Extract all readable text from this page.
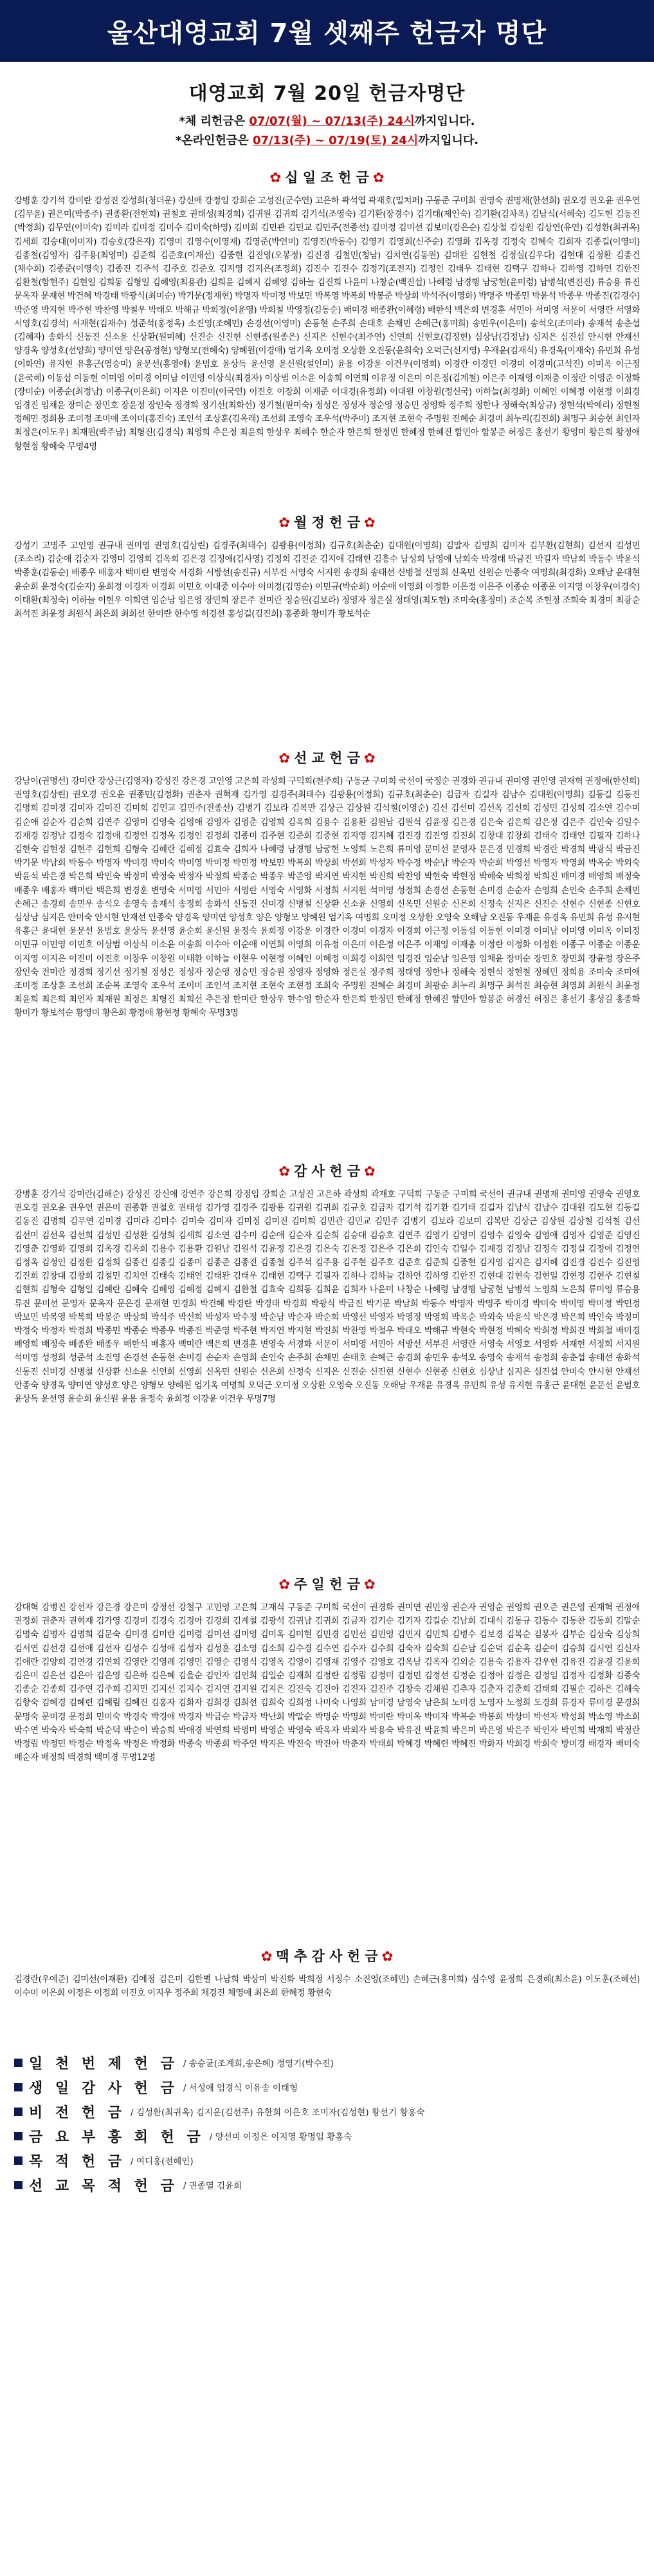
울산대영교회 7월 셋째주 헌금자 명단
대영교회 7월 20일 헌금자명단
*체 리헌금은 07/07(월) ~ 07/13(주) 24시까지입니다.
*온라인헌금은 07/13(주) ~ 07/19(토) 24시까지입니다.
✿ 십 일 조 헌 금 ✿
강병훈 강기석 강미란 강성진 강성희(청더운) 강신애 강정임 강희순 고성진(군수연) 고은하 곽석엽 곽재호(밀치퍼) 구동준 구미희 권영숙 권명재(한선희) 권오경 권오윤 권우연(김무윤) 권은미(박종주) 권종환(전현희) 권철호 권태성(최경희) 김귀원 김귀희 김기석(조영숙) 김기환(장경수) 김기태(제인숙) 김기환(김차옥) 김남식(서혜숙) 김도현 김동진(박정희) 김무연(이미숙) 김미라 김미정 김미수 김미숙(하영) 김미희 김민관 김민교 김민주(전종선) 김미정 김미선 김보미(강은순) 김상철 김상원 김상연(유연) 김성환(최귀옥) 김세희 김승대(이미자) 김승호(강은자) 김영미 김영수(이영재) 김영준(박연미) 김영진(박동수) 김영기 김영희(신주순) 김영화 김옥경 김정숙 김혜숙 김희자 김종길(이영미) 김종철(김영자) 김주용(최영미) 김준희 김준호(이재선) 김중현 김진영(오봉정) 김진경 김철민(청남) 김치연(김동원) 김태완 김현철 김정실(김우다) 김현대 김정환 김종건(채수희) 김종준(이영숙) 김종진 김주석 김주호 김준호 김지영 김지은(조정희) 김진수 김진수 김정기(조전지) 김정인 김태우 김태현 김택구 김하나 김하영 김하연 김한진 김환철(함현주) 김현일 김희동 김형일 김혜영(최용관) 김희윤 김혜지 김혜영 김하늘 김진희 나윤미 나창순(백진섭) 나혜령 남경행 남궁현(윤미령) 남병석(변진진) 류승용 류진 문옥자 문재현 박건혜 박경태 박광식(최미순) 박기문(정재현) 박명자 박미정 박보민 박복영 박복희 박봉준 박상희 박석주(이영화) 박명주 박종민 박윤석 박종우 박종진(김경수) 박준영 박지현 박주현 박찬영 박철우 박태오 박해규 박희정(이윤영) 박희철 박영정(김동순) 배미경 배종완(이혜령) 배한석 백은희 변경훈 서민아 서미영 서문이 서영란 서영화 서영호(김경석) 서재현(김재수) 성준석(홍정옥) 소진영(조혜민) 손경선(이영미) 손동현 손주희 손태호 손채민 손혜근(홍미희) 송민우(이은미) 송석오(조미라) 송재석 송춘섭(김혜자) 송화석 신동진 신소윤 신상환(원미혜) 신진순 신진현 신현종(원종은) 신지은 신현수(최주연) 신연희 신현호(김정현) 심상남(김정남) 심지은 심진섭 안시현 안재선 양경옥 양성호(선양희) 양미연 양은(공정현) 양형모(전혜숙) 양혜원(이경애) 엄기옥 오미정 오상환 오진동(윤희숙) 오덕근(신지영) 우재윤(김재식) 유경옥(이재숙) 유민희 유성(이화연) 유지현 유홍근(염승미) 윤문선(홍영애) 윤범호 윤상득 윤선영 윤신원(설인미) 윤용 이강윤 이건우(이영희) 이경란 이경민 이경미 이경미(고석진) 이미옥 이근정 (윤국혜) 이동섭 이동현 이미영 이미경 이미남 이민영 이상식(최경자) 이상범 이소윤 이송희 이연희 이유정 이은미 이은정(김계철) 이은주 이재영 이재충 이정란 이영준 이정화(장미순) 이종순(최정남) 이종구(이은희) 이지은 이진미(이국연) 이진호 이장희 이재준 이대경(유정희) 이대원 이창원(정신국) 이하늘(최경화) 이혜인 이혜정 이현정 이희경 임경진 임채윤 장미순 장민호 장윤정 장인숙 정경희 정기선(최화선) 정기철(원미숙) 정성은 정성자 정순영 정승민 정영화 정주희 정한나 정해숙(최상규) 정현석(박예리) 정현철 정혜민 정희용 조미정 조미애 조이미(홍진숙) 조인석 조상훈(김옥래) 조선희 조영숙 조우석(박주미) 조지현 조현숙 주명원 진혜순 최경미 최누리(김진희) 최명구 최승현 최인자 최정은(이도우) 최재원(박주남) 최형진(김경식) 최영희 추은정 최윤희 한상우 최혜수 한순자 한은희 한정민 한혜정 한혜진 함민아 함봉준 허정은 홍선기 황영미 황은희 황정애 황현정 황혜숙 무명4명
✿ 월 정 헌 금 ✿
강성기 고명주 고인영 권규내 권미영 권영호(김상린) 김경주(최태수) 김광용(이정희) 김규호(최춘순) 김대원(이명희) 김말자 김명희 김미자 김부환(김현희) 김선지 김성민(조소리) 김순애 김순자 김영미 김영희 김옥희 김은경 김정애(김사영) 김정희 김진준 김지애 김태현 김흥수 남성희 남영애 남희숙 박경태 박금진 박길자 박남희 박동수 박윤석 박종훈(김동순) 배종우 배홍자 백미란 변영숙 서경화 서방선(송진규) 서부진 서영숙 서지원 송경희 송태선 신병철 신영희 신옥민 신원순 안종숙 여명희(최경화) 오해남 윤대현 윤순희 윤정숙(김순자) 윤희정 이경자 이경희 이민호 이대중 이수아 이미정(김영순) 이민규(박순희) 이순애 이영희 이정환 이은정 이은주 이종순 이종운 이지영 이창우(이경숙) 이태환(최정숙) 이하늘 이현우 이희연 임순남 임은영 장민희 장은주 전미란 정승원(김보라) 정영자 정은실 정태영(최도현) 조미숙(홍정미) 조순복 조현정 조희숙 최경미 최광순 최석진 최윤정 최원식 최은희 최희선 한미란 한수영 허경선 홍성길(김진희) 홍종화 황미가 황보석순
✿ 선 교 헌 금 ✿
강남이(권명선) 강미란 강상근(김영자) 강성진 강은경 고인영 고은희 곽성희 구덕희(천주희) 구동균 구미희 국선이 국정순 권경화 권규내 권미영 권인영 권재혁 권정애(한선희) 권영호(김상린) 권오경 권오윤 권종민(김정화) 권춘자 권혁재 김가영 김경주(최태수) 김광용(이정희) 김규호(최춘순) 김금자 김길자 김남수 김대원(이명희) 김동길 김동진 김명희 김미경 김미자 김미진 김미희 김민교 김민주(전종선) 김병기 김보라 김복만 김상근 김상원 김석철(이영순) 김선 김선미 김선옥 김선희 김성민 김성희 김소연 김수미 김순애 김순자 김순희 김연주 김영미 김영숙 김영애 김영자 김영춘 김영희 김옥희 김용수 김용환 김원남 김원석 김윤정 김은경 김은숙 김은희 김은정 김은주 김인숙 김일수 김재경 김정남 김정숙 김정애 김정연 김정옥 김정인 김정희 김종미 김주현 김준희 김중현 김지영 김지혜 김진경 김진영 김진희 김창대 김창희 김태숙 김태연 김필자 김하나 김현숙 김현정 김현주 김현희 김형숙 김혜란 김혜정 김효숙 김희자 나혜령 남경행 남궁현 노영희 노은희 류미영 문미선 문영자 문은경 민경희 박경란 박경희 박광식 박금진 박기문 박남희 박동수 박명자 박미경 박미숙 박미영 박미정 박민정 박보민 박복희 박상희 박선희 박성자 박수정 박순남 박순자 박순희 박영선 박영자 박영희 박옥순 박외숙 박윤석 박은경 박은희 박인숙 박정미 박정숙 박정자 박정희 박종순 박종우 박준영 박지연 박지현 박진희 박찬영 박현숙 박현정 박혜숙 박희정 박희진 배미경 배영희 배정숙 배종우 배홍자 백미란 백은희 변경훈 변영숙 서미영 서민아 서영란 서영숙 서영화 서정희 서지원 석미영 성정희 손경선 손동현 손미경 손순자 손영희 손인숙 손주희 손채민 손혜근 송경희 송민우 송석오 송영숙 송재석 송정희 송화석 신동진 신미경 신병철 신상환 신소윤 신영희 신옥민 신원순 신은희 신정숙 신지은 신진순 신현수 신현종 신현호 심상남 심지은 안미숙 안시현 안재선 안종숙 양경옥 양미연 양성호 양은 양형모 양혜원 엄기옥 여명희 오미정 오상환 오영숙 오해남 오진동 우재윤 유경옥 유민희 유성 유지현 유홍근 윤대현 윤문선 윤범호 윤상득 윤선영 윤순희 윤신원 윤정숙 윤희정 이강윤 이경란 이경미 이경자 이경희 이근정 이동섭 이동현 이미경 이미남 이미영 이미옥 이미정 이민규 이민영 이민호 이상범 이상식 이소윤 이송희 이수아 이순애 이연희 이영희 이유정 이은미 이은정 이은주 이재영 이재충 이정란 이정화 이정환 이종구 이종순 이종운 이지영 이지은 이진미 이진호 이창우 이창원 이태환 이하늘 이현우 이현정 이혜인 이혜정 이희경 이희연 임경진 임순남 임은영 임채윤 장미순 장민호 장민희 장윤정 장은주 장인숙 전미란 정경희 정기선 정기철 정성은 정성자 정순영 정승민 정승원 정영자 정영화 정은실 정주희 정태영 정한나 정해숙 정현석 정현철 정혜민 정희용 조미숙 조미애 조미정 조상훈 조선희 조순복 조영숙 조우석 조이미 조인석 조지현 조현숙 조현정 조희숙 주명원 진혜순 최경미 최광순 최누리 최명구 최석진 최승현 최영희 최원식 최윤정 최윤희 최은희 최인자 최재원 최정은 최형진 최희선 추은정 한미란 한상우 한수영 한순자 한은희 한정민 한혜정 한혜진 함민아 함봉준 허경선 허정은 홍선기 홍성길 홍종화 황미가 황보석순 황영미 황은희 황정애 황현정 황혜숙 무명3명
✿ 감 사 헌 금 ✿
강병훈 강기석 강미란(김해순) 강성진 강신애 강연주 강은희 강정임 강희순 고성진 고은하 곽성희 곽재호 구덕희 구동준 구미희 국선이 권규내 권명재 권미영 권영숙 권영호 권오경 권오윤 권우연 권은미 권종환 권철호 권태성 김가영 김경주 김광용 김귀원 김귀희 김규호 김금자 김기석 김기환 김기태 김길자 김남식 김남수 김대원 김도현 김동길 김동진 김명희 김무연 김미경 김미라 김미수 김미숙 김미자 김미정 김미진 김미희 김민관 김민교 김민주 김병기 김보라 김보미 김복만 김상근 김상원 김상철 김석철 김선 김선미 김선옥 김선희 김성민 김성환 김성희 김세희 김소연 김수미 김순애 김순자 김순희 김승대 김승호 김연주 김영기 김영미 김영수 김영숙 김영애 김영자 김영준 김영진 김영춘 김영화 김영희 김옥경 김옥희 김용수 김용환 김원남 김원석 김윤정 김은경 김은숙 김은정 김은주 김은희 김인숙 김일수 김재경 김정남 김정숙 김정실 김정애 김정연 김정옥 김정인 김정환 김정희 김종건 김종길 김종미 김종준 김종진 김종철 김주석 김주용 김주현 김주호 김준호 김준희 김중현 김지영 김지은 김지혜 김진경 김진수 김진영 김진희 김창대 김창희 김철민 김치연 김태숙 김태연 김태완 김태우 김태현 김택구 김필자 김하나 김하늘 김하연 김하영 김한진 김현대 김현숙 김현일 김현정 김현주 김현철 김현희 김형숙 김형일 김혜란 김혜숙 김혜영 김혜정 김혜지 김환철 김효숙 김희동 김희윤 김희자 나윤미 나창순 나혜령 남경행 남궁현 남병석 노영희 노은희 류미영 류승용 류진 문미선 문영자 문옥자 문은경 문재현 민경희 박건혜 박경란 박경태 박경희 박광식 박금진 박기문 박남희 박동수 박명자 박명주 박미경 박미숙 박미영 박미정 박민정 박보민 박복영 박복희 박봉준 박상희 박석주 박선희 박성자 박수정 박순남 박순자 박순희 박영선 박영자 박영정 박영희 박옥순 박외숙 박윤석 박은경 박은희 박인숙 박정미 박정숙 박정자 박정희 박종민 박종순 박종우 박종진 박준영 박주현 박지연 박지현 박진희 박찬영 박철우 박태오 박해규 박현숙 박현정 박혜숙 박희정 박희진 박희철 배미경 배영희 배정숙 배종완 배종우 배한석 배홍자 백미란 백은희 변경훈 변영숙 서경화 서문이 서미영 서민아 서방선 서부진 서영란 서영숙 서영호 서영화 서재현 서정희 서지원 석미영 성정희 성준석 소진영 손경선 손동현 손미경 손순자 손영희 손인숙 손주희 손채민 손태호 손혜근 송경희 송민우 송석오 송영숙 송재석 송정희 송춘섭 송태선 송화석 신동진 신미경 신병철 신상환 신소윤 신연희 신영희 신옥민 신원순 신은희 신정숙 신지은 신진순 신진현 신현수 신현종 신현호 심상남 심지은 심진섭 안미숙 안시현 안재선 안종숙 양경옥 양미연 양성호 양은 양형모 양혜원 엄기옥 여명희 오덕근 오미정 오상환 오영숙 오진동 오해남 우재윤 유경옥 유민희 유성 유지현 유홍근 윤대현 윤문선 윤범호 윤상득 윤선영 윤순희 윤신원 윤용 윤정숙 윤희정 이강윤 이건우 무명7명
✿ 주 일 헌 금 ✿
강대혁 강병진 강선자 강은경 강은미 강정선 강철구 고민영 고은희 고재식 구동준 구미희 국선이 권경화 권미연 권민정 권순자 권영순 권영희 권오준 권은영 권재혁 권정애 권정희 권춘자 권혁재 김가영 김경미 김경숙 김경아 김경희 김계철 김광석 김귀남 김귀희 김금자 김기순 김기자 김길순 김남희 김대식 김동규 김동수 김동찬 김동희 김말순 김명숙 김명자 김명희 김문숙 김미경 김미란 김미령 김미선 김미영 김미옥 김미현 김민경 김민선 김민영 김민지 김민희 김병수 김보경 김복순 김봉자 김부순 김상숙 김상희 김서연 김선경 김선애 김선자 김성수 김성애 김성자 김성훈 김소영 김소희 김수경 김수연 김수자 김수희 김숙자 김숙희 김순남 김순덕 김순옥 김순이 김승희 김시연 김신자 김애란 김양희 김연경 김연희 김영란 김영례 김영민 김영순 김영식 김영옥 김영이 김영재 김영주 김영호 김옥남 김옥자 김외순 김용숙 김용자 김우현 김유진 김윤경 김윤희 김은미 김은선 김은아 김은영 김은하 김은혜 김을순 김인자 김인희 김일순 김재희 김정란 김정림 김정미 김정민 김정선 김정순 김정아 김정은 김정임 김정자 김정화 김종숙 김종순 김종희 김주연 김주희 김지민 김지선 김지수 김지연 김지원 김지은 김진숙 김진아 김진자 김진주 김창숙 김채원 김추자 김춘자 김춘희 김태희 김필순 김하은 김해숙 김향숙 김혜경 김혜련 김혜림 김혜진 김홍자 김화자 김희경 김희선 김희숙 김희정 나미숙 나영희 남미경 남영숙 남은희 노미경 노영자 노정희 도경희 류경자 류미경 문경희 문명숙 문미경 문정희 민미숙 박경숙 박경애 박경자 박금순 박금자 박난희 박말순 박명순 박명희 박미란 박미옥 박미자 박복순 박봉희 박상미 박선자 박성희 박소영 박소희 박수연 박숙자 박숙희 박순덕 박순이 박승희 박애경 박연희 박영미 박영순 박영숙 박옥자 박외자 박용숙 박유진 박윤희 박은미 박은영 박은주 박인자 박인희 박재희 박정란 박정림 박정민 박정순 박정옥 박정은 박정화 박종숙 박종희 박주연 박지은 박진숙 박진아 박춘자 박태희 박혜경 박혜련 박혜진 박화자 박희경 박희숙 방미경 배경자 배미숙 배순자 배정희 백경희 백미경 무명12명
✿ 맥 추 감 사 헌 금 ✿
김경란(우예준) 김미선(이재환) 김예정 김은미 김한별 나남희 박상미 박진화 박희정 서정수 소진영(조혜민) 손혜근(홍미희) 심수영 윤정희 은경혜(최소윤) 이도훈(조혜선) 이수미 이은희 이정은 이정희 이진호 이지우 정주희 채경진 채영애 최은희 한혜정 황현숙
일 천 번 제 헌 금 / 송승균(조계희,송은혜) 정영기(박수진)
생 일 감 사 헌 금 / 서성애 엄경식 이유송 이태형
비 전 헌 금 / 김성환(최귀옥) 김지운(김선주) 유한희 이은호 조미자(김성현) 황선기 황홍숙
금 요 부 흥 회 헌 금 / 양선미 이정은 이지영 황명입 황홍숙
목 적 헌 금 / 여디홍(전혜인)
선 교 목 적 헌 금 / 권종열 김윤희
